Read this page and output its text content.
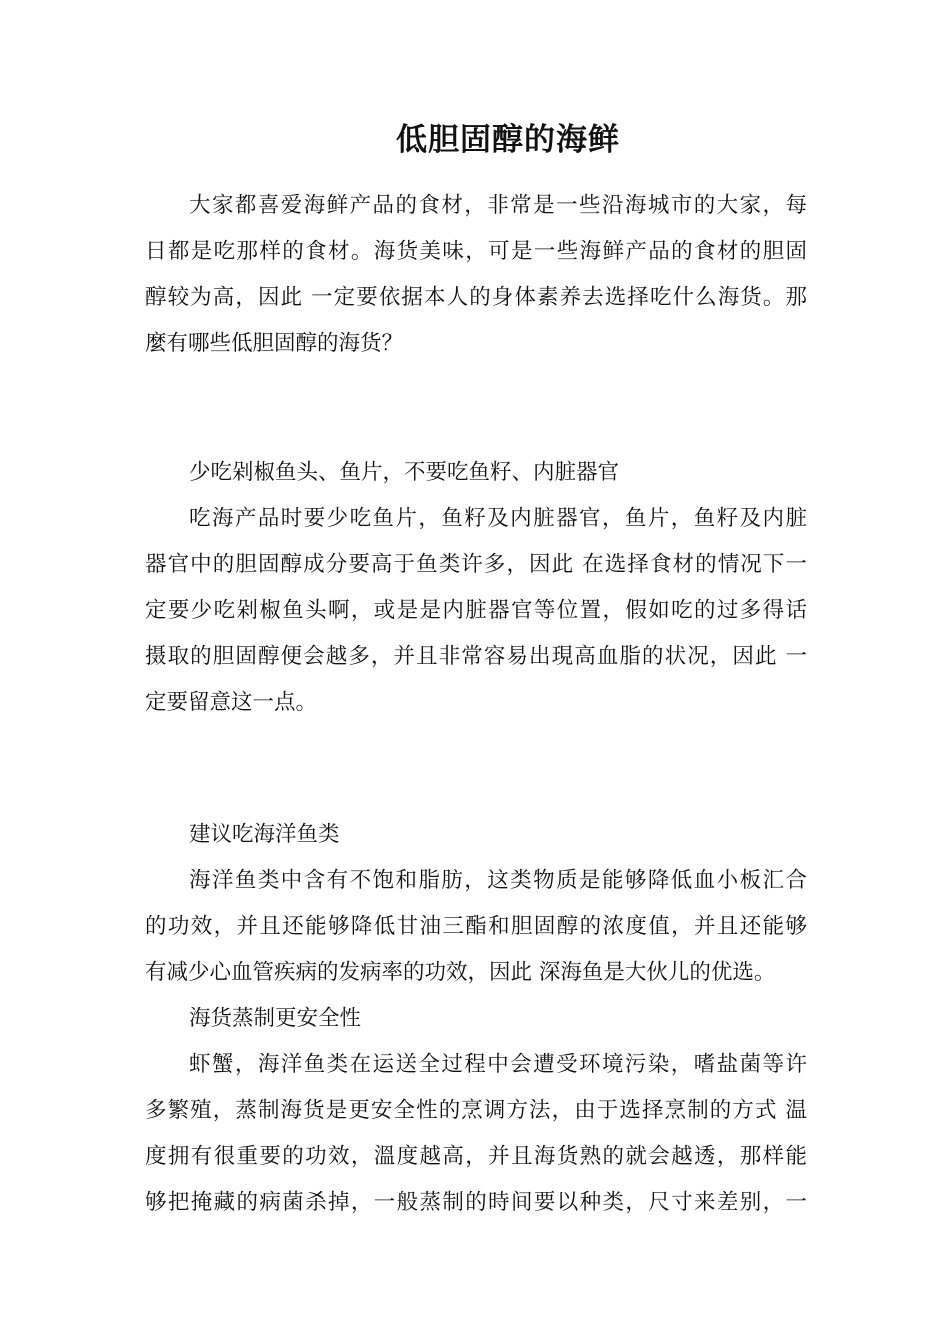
低胆固醇的海鲜
大家都喜爱海鲜产品的食材，非常是一些沿海城市的大家，每
日都是吃那样的食材。海货美味，可是一些海鲜产品的食材的胆固
醇较为高，因此 一定要依据本人的身体素养去选择吃什么海货。那
麼有哪些低胆固醇的海货？
少吃剁椒鱼头、鱼片，不要吃鱼籽、内脏器官
吃海产品时要少吃鱼片，鱼籽及内脏器官，鱼片，鱼籽及内脏
器官中的胆固醇成分要高于鱼类许多，因此 在选择食材的情况下一
定要少吃剁椒鱼头啊，或是是内脏器官等位置，假如吃的过多得话
摄取的胆固醇便会越多，并且非常容易出現高血脂的状况，因此 一
定要留意这一点。
建议吃海洋鱼类
海洋鱼类中含有不饱和脂肪，这类物质是能够降低血小板汇合
的功效，并且还能够降低甘油三酯和胆固醇的浓度值，并且还能够
有减少心血管疾病的发病率的功效，因此 深海鱼是大伙儿的优选。
海货蒸制更安全性
虾蟹，海洋鱼类在运送全过程中会遭受环境污染，嗜盐菌等许
多繁殖，蒸制海货是更安全性的烹调方法，由于选择烹制的方式 温
度拥有很重要的功效，溫度越高，并且海货熟的就会越透，那样能
够把掩藏的病菌杀掉，一般蒸制的時间要以种类，尺寸来差别，一
